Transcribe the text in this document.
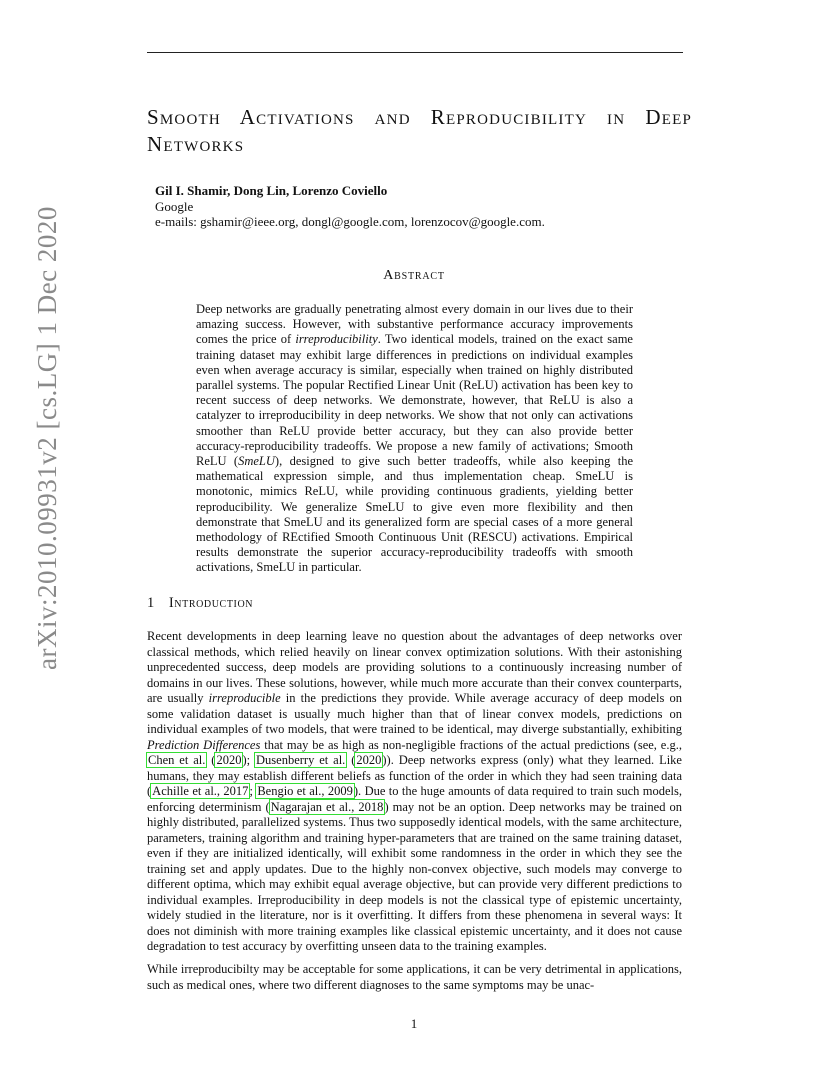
arXiv:2010.09931v2 [cs.LG] 1 Dec 2020
Smooth Activations and Reproducibility in Deep Networks
Gil I. Shamir, Dong Lin, Lorenzo Coviello
Google
e-mails: gshamir@ieee.org, dongl@google.com, lorenzocov@google.com.
Abstract

Deep networks are gradually penetrating almost every domain in our lives due to their amazing success. However, with substantive performance accuracy improvements comes the price of irreproducibility. Two identical models, trained on the exact same training dataset may exhibit large differences in predictions on individual examples even when average accuracy is similar, especially when trained on highly distributed parallel systems. The popular Rectified Linear Unit (ReLU) activation has been key to recent success of deep networks. We demonstrate, however, that ReLU is also a catalyzer to irreproducibility in deep networks. We show that not only can activations smoother than ReLU provide better accuracy, but they can also provide better accuracy-reproducibility tradeoffs. We propose a new family of activations; Smooth ReLU (SmeLU), designed to give such better tradeoffs, while also keeping the mathematical expression simple, and thus implementation cheap. SmeLU is monotonic, mimics ReLU, while providing continuous gradients, yielding better reproducibility. We generalize SmeLU to give even more flexibility and then demonstrate that SmeLU and its generalized form are special cases of a more general methodology of REctified Smooth Continuous Unit (RESCU) activations. Empirical results demonstrate the superior accuracy-reproducibility tradeoffs with smooth activations, SmeLU in particular.

1 Introduction

Recent developments in deep learning leave no question about the advantages of deep networks over classical methods, which relied heavily on linear convex optimization solutions. With their astonishing unprecedented success, deep models are providing solutions to a continuously increasing number of domains in our lives. These solutions, however, while much more accurate than their convex counterparts, are usually irreproducible in the predictions they provide. While average accuracy of deep models on some validation dataset is usually much higher than that of linear convex models, predictions on individual examples of two models, that were trained to be identical, may diverge substantially, exhibiting Prediction Differences that may be as high as non-negligible fractions of the actual predictions (see, e.g., Chen et al. (2020); Dusenberry et al. (2020)). Deep networks express (only) what they learned. Like humans, they may establish different beliefs as function of the order in which they had seen training data (Achille et al., 2017; Bengio et al., 2009). Due to the huge amounts of data required to train such models, enforcing determinism (Nagarajan et al., 2018) may not be an option. Deep networks may be trained on highly distributed, parallelized systems. Thus two supposedly identical models, with the same architecture, parameters, training algorithm and training hyper-parameters that are trained on the same training dataset, even if they are initialized identically, will exhibit some randomness in the order in which they see the training set and apply updates. Due to the highly non-convex objective, such models may converge to different optima, which may exhibit equal average objective, but can provide very different predictions to individual examples. Irreproducibility in deep models is not the classical type of epistemic uncertainty, widely studied in the literature, nor is it overfitting. It differs from these phenomena in several ways: It does not diminish with more training examples like classical epistemic uncertainty, and it does not cause degradation to test accuracy by overfitting unseen data to the training examples.

While irreproducibilty may be acceptable for some applications, it can be very detrimental in applications, such as medical ones, where two different diagnoses to the same symptoms may be unac-

1
